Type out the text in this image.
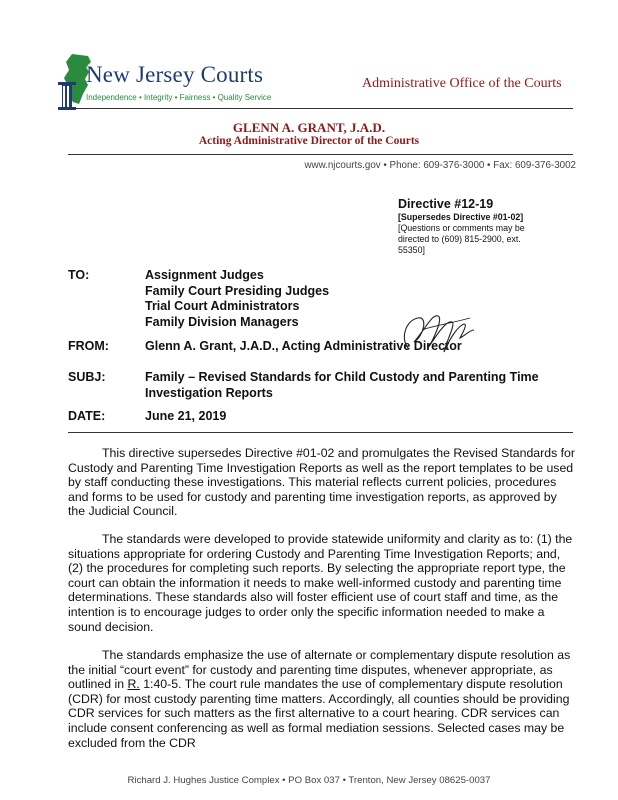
New Jersey Courts
Independence • Integrity • Fairness • Quality Service
Administrative Office of the Courts
GLENN A. GRANT, J.A.D.
Acting Administrative Director of the Courts
www.njcourts.gov • Phone: 609-376-3000 • Fax: 609-376-3002
Directive #12-19
[Supersedes Directive #01-02]
[Questions or comments may be
directed to (609) 815-2900, ext.
55350]
TO:	Assignment Judges
Family Court Presiding Judges
Trial Court Administrators
Family Division Managers
FROM:	Glenn A. Grant, J.A.D., Acting Administrative Director
SUBJ:	Family – Revised Standards for Child Custody and Parenting Time
Investigation Reports
DATE:	June 21, 2019

This directive supersedes Directive #01-02 and promulgates the Revised Standards for Custody and Parenting Time Investigation Reports as well as the report templates to be used by staff conducting these investigations. This material reflects current policies, procedures and forms to be used for custody and parenting time investigation reports, as approved by the Judicial Council.

The standards were developed to provide statewide uniformity and clarity as to: (1) the situations appropriate for ordering Custody and Parenting Time Investigation Reports; and, (2) the procedures for completing such reports. By selecting the appropriate report type, the court can obtain the information it needs to make well-informed custody and parenting time determinations. These standards also will foster efficient use of court staff and time, as the intention is to encourage judges to order only the specific information needed to make a sound decision.

The standards emphasize the use of alternate or complementary dispute resolution as the initial “court event” for custody and parenting time disputes, whenever appropriate, as outlined in R. 1:40-5. The court rule mandates the use of complementary dispute resolution (CDR) for most custody parenting time matters. Accordingly, all counties should be providing CDR services for such matters as the first alternative to a court hearing. CDR services can include consent conferencing as well as formal mediation sessions. Selected cases may be excluded from the CDR

Richard J. Hughes Justice Complex • PO Box 037 • Trenton, New Jersey 08625-0037
